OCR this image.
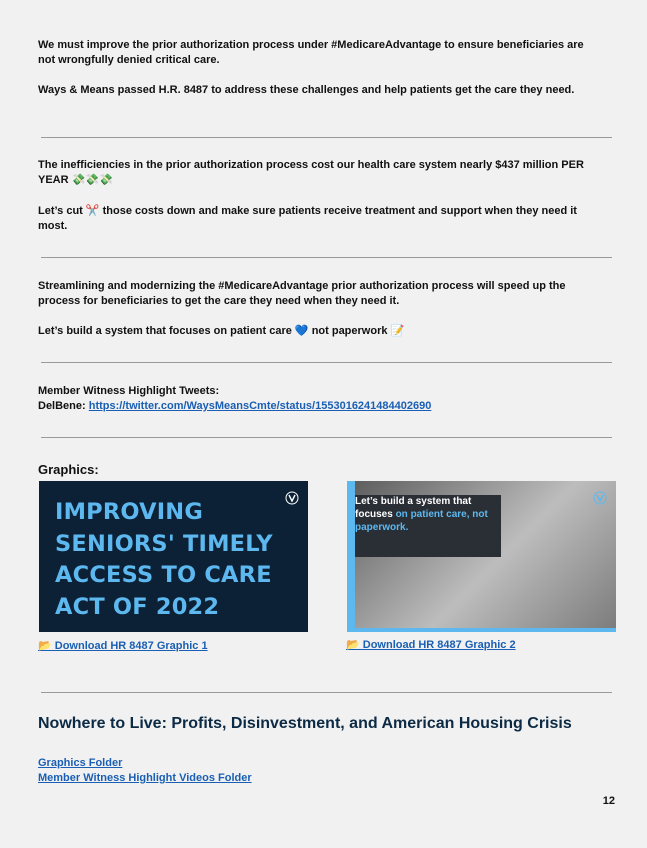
We must improve the prior authorization process under #MedicareAdvantage to ensure beneficiaries are not wrongfully denied critical care.

Ways & Means passed H.R. 8487 to address these challenges and help patients get the care they need.

The inefficiencies in the prior authorization process cost our health care system nearly $437 million PER YEAR 💸💸💸

Let’s cut ✂️ those costs down and make sure patients receive treatment and support when they need it most.

Streamlining and modernizing the #MedicareAdvantage prior authorization process will speed up the process for beneficiaries to get the care they need when they need it.

Let’s build a system that focuses on patient care 💙 not paperwork 📝

Member Witness Highlight Tweets:

DelBene: https://twitter.com/WaysMeansCmte/status/1553016241484402690

Graphics:
IMPROVING SENIORS' TIMELY ACCESS TO CARE ACT OF 2022
Let’s build a system that focuses on patient care, not paperwork.
📂 Download HR 8487 Graphic 1	📂 Download HR 8487 Graphic 2
Nowhere to Live: Profits, Disinvestment, and American Housing Crisis
Graphics Folder
Member Witness Highlight Videos Folder
12
